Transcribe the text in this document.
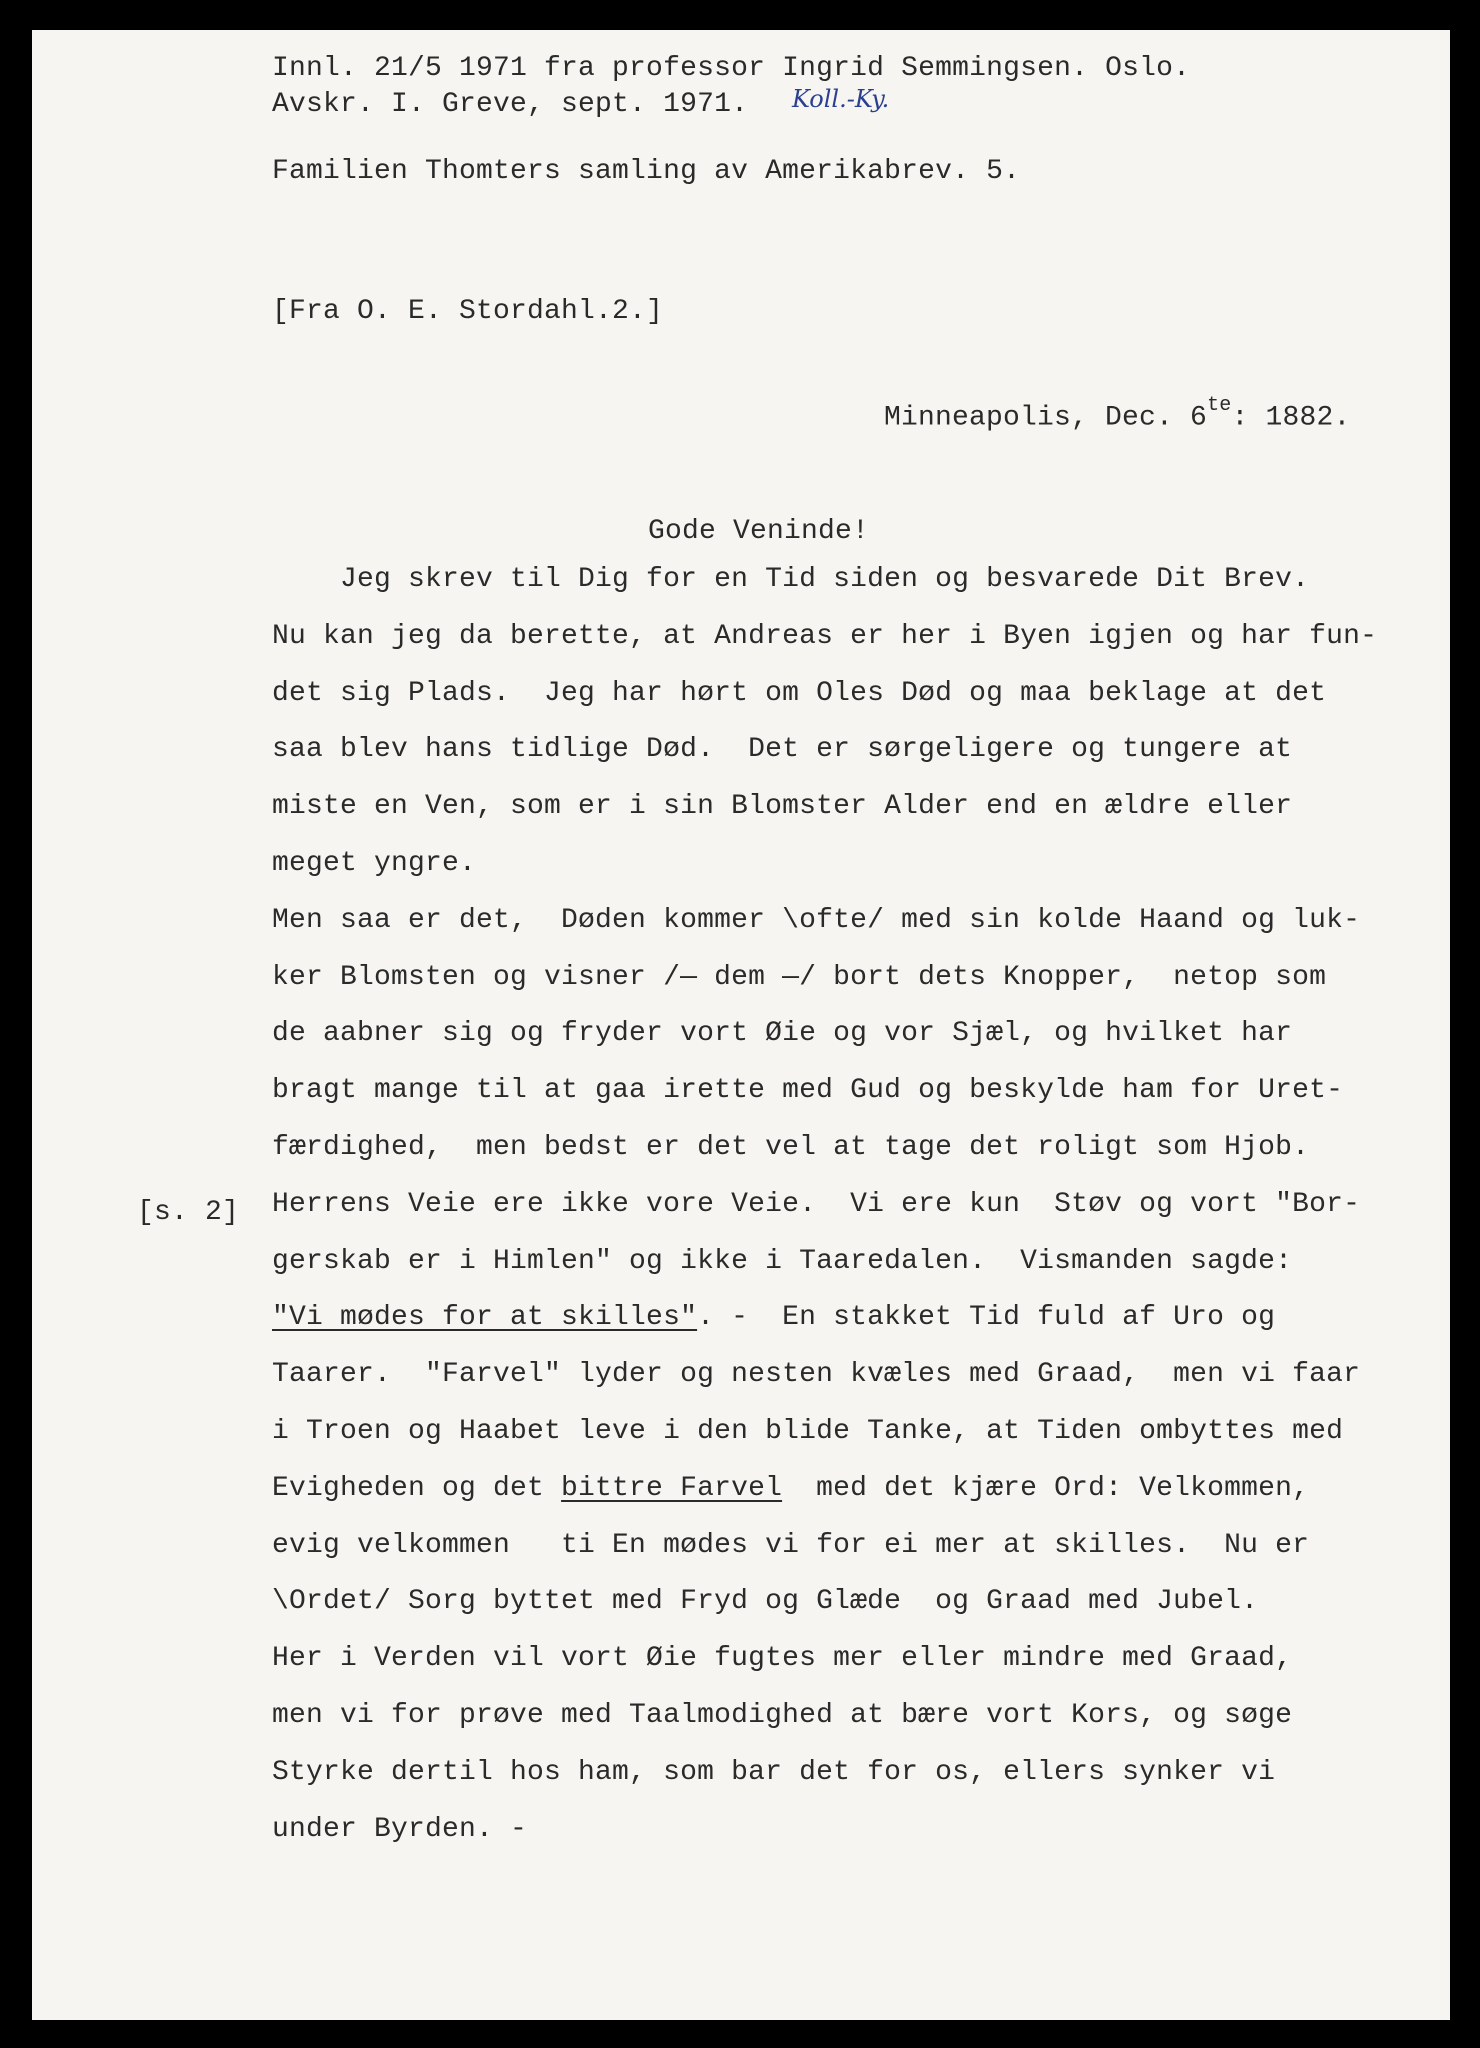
Innl. 21/5 1971 fra professor Ingrid Semmingsen. Oslo.
Avskr. I. Greve, sept. 1971. Koll.-Ky.
Familien Thomters samling av Amerikabrev. 5.
[Fra O. E. Stordahl.2.]
Minneapolis, Dec. $6^{te}$: 1882.
Gode Veninde!
[s. 2]
Jeg skrev til Dig for en Tid siden og besvarede Dit Brev.
Nu kan jeg da berette, at Andreas er her i Byen igjen og har fun-
det sig Plads.  Jeg har hørt om Oles Død og maa beklage at det
saa blev hans tidlige Død.  Det er sørgeligere og tungere at
miste en Ven, som er i sin Blomster Alder end en ældre eller
meget yngre.
Men saa er det,  Døden kommer \ofte/ med sin kolde Haand og luk-
ker Blomsten og visner /— dem —/ bort dets Knopper,  netop som
de aabner sig og fryder vort Øie og vor Sjæl, og hvilket har
bragt mange til at gaa irette med Gud og beskylde ham for Uret-
færdighed,  men bedst er det vel at tage det roligt som Hjob.
Herrens Veie ere ikke vore Veie.  Vi ere kun  Støv og vort "Bor-
gerskab er i Himlen" og ikke i Taaredalen.  Vismanden sagde:
"Vi mødes for at skilles". -  En stakket Tid fuld af Uro og
Taarer.  "Farvel" lyder og nesten kvæles med Graad,  men vi faar
i Troen og Haabet leve i den blide Tanke, at Tiden ombyttes med
Evigheden og det bittre Farvel  med det kjære Ord: Velkommen,
evig velkommen   ti En mødes vi for ei mer at skilles.  Nu er
\Ordet/ Sorg byttet med Fryd og Glæde  og Graad med Jubel.
Her i Verden vil vort Øie fugtes mer eller mindre med Graad,
men vi for prøve med Taalmodighed at bære vort Kors, og søge
Styrke dertil hos ham, som bar det for os, ellers synker vi
under Byrden. -
